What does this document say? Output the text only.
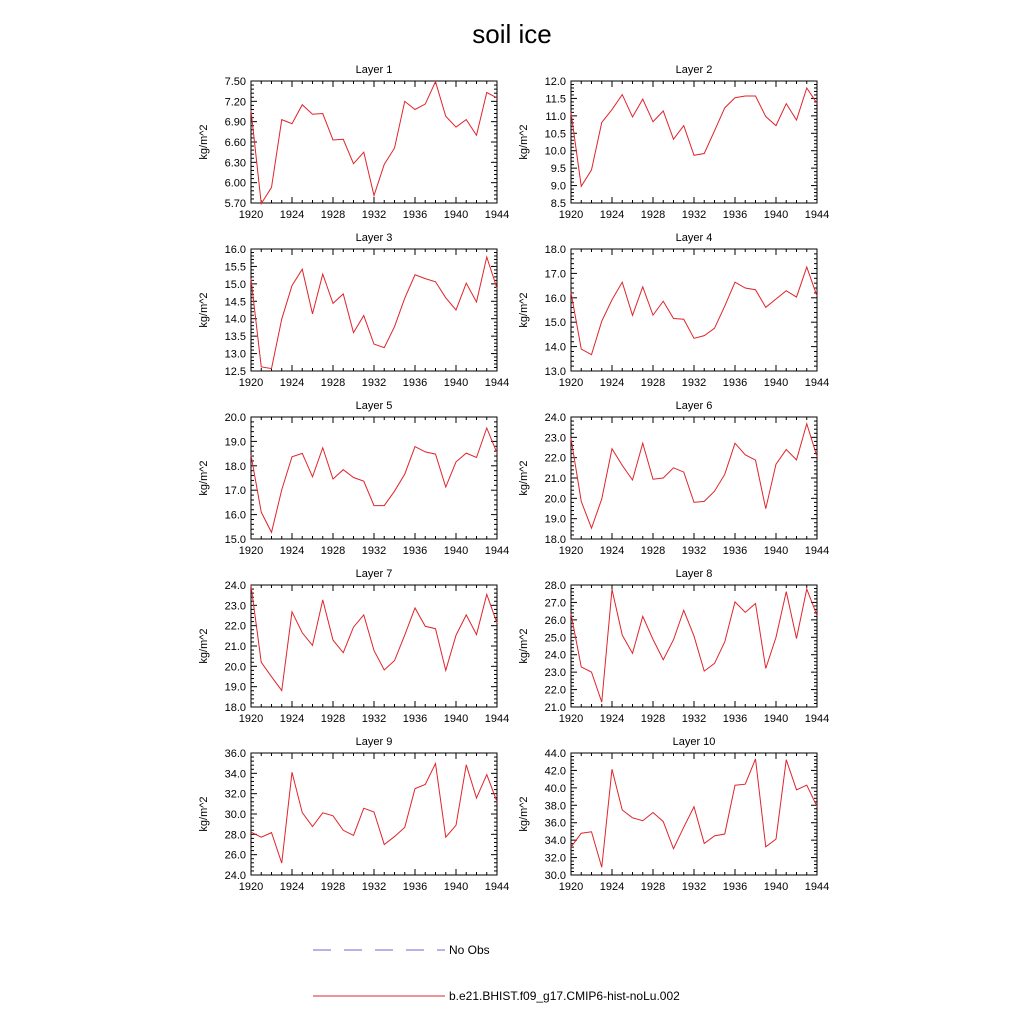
soil ice
Layer 1
kg/m^2
1920 1924 1928 1932 1936 1940 1944
5.70
6.00
6.30
6.60
6.90
7.20
7.50
Layer 2
kg/m^2
1920 1924 1928 1932 1936 1940 1944
8.5
9.0
9.5
10.0
10.5
11.0
11.5
12.0
Layer 3
kg/m^2
1920 1924 1928 1932 1936 1940 1944
12.5
13.0
13.5
14.0
14.5
15.0
15.5
16.0
Layer 4
kg/m^2
1920 1924 1928 1932 1936 1940 1944
13.0
14.0
15.0
16.0
17.0
18.0
Layer 5
kg/m^2
1920 1924 1928 1932 1936 1940 1944
15.0
16.0
17.0
18.0
19.0
20.0
Layer 6
kg/m^2
1920 1924 1928 1932 1936 1940 1944
18.0
19.0
20.0
21.0
22.0
23.0
24.0
Layer 7
kg/m^2
1920 1924 1928 1932 1936 1940 1944
18.0
19.0
20.0
21.0
22.0
23.0
24.0
Layer 8
kg/m^2
1920 1924 1928 1932 1936 1940 1944
21.0
22.0
23.0
24.0
25.0
26.0
27.0
28.0
Layer 9
kg/m^2
1920 1924 1928 1932 1936 1940 1944
24.0
26.0
28.0
30.0
32.0
34.0
36.0
Layer 10
kg/m^2
1920 1924 1928 1932 1936 1940 1944
30.0
32.0
34.0
36.0
38.0
40.0
42.0
44.0
No Obs
b.e21.BHIST.f09_g17.CMIP6-hist-noLu.002
